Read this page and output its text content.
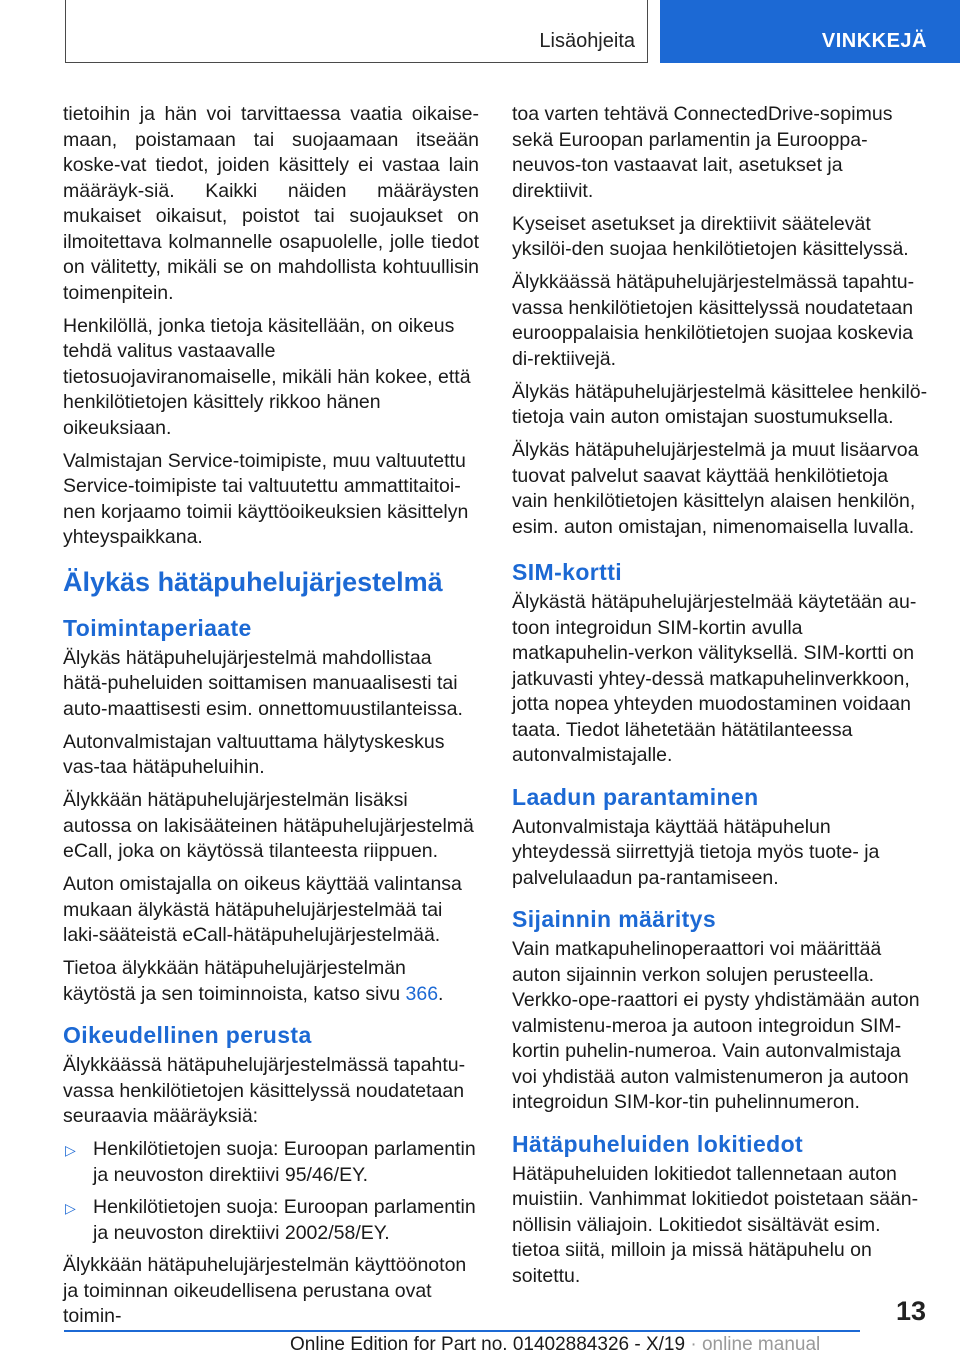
Lisäohjeita	VINKKEJÄ

tietoihin ja hän voi tarvittaessa vaatia oikaise-maan, poistamaan tai suojaamaan itseään koske-vat tiedot, joiden käsittely ei vastaa lain määräyk-siä. Kaikki näiden määräysten mukaiset oikaisut, poistot tai suojaukset on ilmoitettava kolmannelle osapuolelle, jolle tiedot on välitetty, mikäli se on mahdollista kohtuullisin toimenpitein.

Henkilöllä, jonka tietoja käsitellään, on oikeus tehdä valitus vastaavalle tietosuojaviranomaiselle, mikäli hän kokee, että henkilötietojen käsittely rikkoo hänen oikeuksiaan.

Valmistajan Service-toimipiste, muu valtuutettu Service-toimipiste tai valtuutettu ammattitaitoi-nen korjaamo toimii käyttöoikeuksien käsittelyn yhteyspaikkana.

Älykäs hätäpuhelujärjestelmä
Toimintaperiaate

Älykäs hätäpuhelujärjestelmä mahdollistaa hätä-puheluiden soittamisen manuaalisesti tai auto-maattisesti esim. onnettomuustilanteissa.

Autonvalmistajan valtuuttama hälytyskeskus vas-taa hätäpuheluihin.

Älykkään hätäpuhelujärjestelmän lisäksi autossa on lakisääteinen hätäpuhelujärjestelmä eCall, joka on käytössä tilanteesta riippuen.

Auton omistajalla on oikeus käyttää valintansa mukaan älykästä hätäpuhelujärjestelmää tai laki-sääteistä eCall-hätäpuhelujärjestelmää.

Tietoa älykkään hätäpuhelujärjestelmän käytöstä ja sen toiminnoista, katso sivu 366.

Oikeudellinen perusta

Älykkäässä hätäpuhelujärjestelmässä tapahtu-vassa henkilötietojen käsittelyssä noudatetaan seuraavia määräyksiä:

▷ Henkilötietojen suoja: Euroopan parlamentin ja neuvoston direktiivi 95/46/EY.
▷ Henkilötietojen suoja: Euroopan parlamentin ja neuvoston direktiivi 2002/58/EY.

Älykkään hätäpuhelujärjestelmän käyttöönoton ja toiminnan oikeudellisena perustana ovat toimin-

toa varten tehtävä ConnectedDrive-sopimus sekä Euroopan parlamentin ja Eurooppa-neuvos-ton vastaavat lait, asetukset ja direktiivit.

Kyseiset asetukset ja direktiivit säätelevät yksilöi-den suojaa henkilötietojen käsittelyssä.

Älykkäässä hätäpuhelujärjestelmässä tapahtu-vassa henkilötietojen käsittelyssä noudatetaan eurooppalaisia henkilötietojen suojaa koskevia di-rektiivejä.

Älykäs hätäpuhelujärjestelmä käsittelee henkilö-tietoja vain auton omistajan suostumuksella.

Älykäs hätäpuhelujärjestelmä ja muut lisäarvoa tuovat palvelut saavat käyttää henkilötietoja vain henkilötietojen käsittelyn alaisen henkilön, esim. auton omistajan, nimenomaisella luvalla.

SIM-kortti

Älykästä hätäpuhelujärjestelmää käytetään au-toon integroidun SIM-kortin avulla matkapuhelin-verkon välityksellä. SIM-kortti on jatkuvasti yhtey-dessä matkapuhelinverkkoon, jotta nopea yhteyden muodostaminen voidaan taata. Tiedot lähetetään hätätilanteessa autonvalmistajalle.

Laadun parantaminen

Autonvalmistaja käyttää hätäpuhelun yhteydessä siirrettyjä tietoja myös tuote- ja palvelulaadun pa-rantamiseen.

Sijainnin määritys

Vain matkapuhelinoperaattori voi määrittää auton sijainnin verkon solujen perusteella. Verkko-ope-raattori ei pysty yhdistämään auton valmistenu-meroa ja autoon integroidun SIM-kortin puhelin-numeroa. Vain autonvalmistaja voi yhdistää auton valmistenumeron ja autoon integroidun SIM-kor-tin puhelinnumeron.

Hätäpuheluiden lokitiedot

Hätäpuheluiden lokitiedot tallennetaan auton muistiin. Vanhimmat lokitiedot poistetaan sään-nöllisin väliajoin. Lokitiedot sisältävät esim. tietoa siitä, milloin ja missä hätäpuhelu on soitettu.

13
Online Edition for Part no. 01402884326 - X/19 · online manual
